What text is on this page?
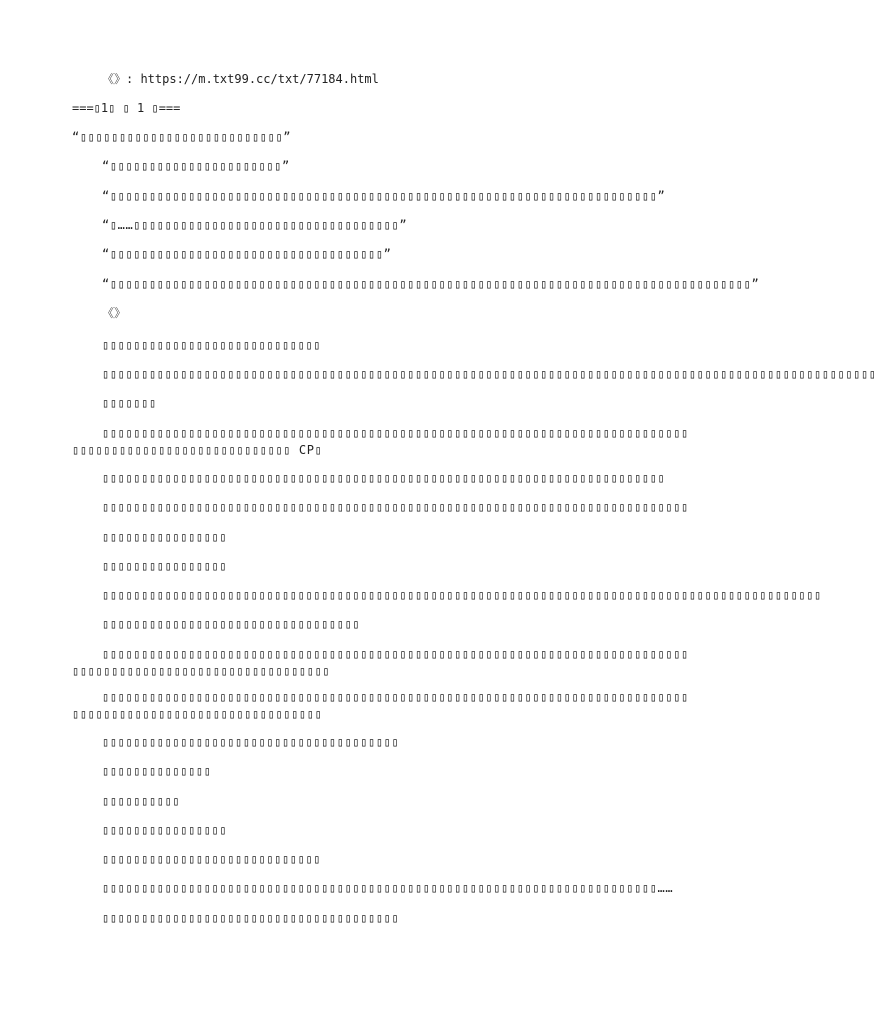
《》: https://m.txt99.cc/txt/77184.html
===▯1▯ ▯ 1 ▯===
“▯▯▯▯▯▯▯▯▯▯▯▯▯▯▯▯▯▯▯▯▯▯▯▯▯▯”
“▯▯▯▯▯▯▯▯▯▯▯▯▯▯▯▯▯▯▯▯▯▯”
“▯▯▯▯▯▯▯▯▯▯▯▯▯▯▯▯▯▯▯▯▯▯▯▯▯▯▯▯▯▯▯▯▯▯▯▯▯▯▯▯▯▯▯▯▯▯▯▯▯▯▯▯▯▯▯▯▯▯▯▯▯▯▯▯▯▯▯▯▯▯”
“▯……▯▯▯▯▯▯▯▯▯▯▯▯▯▯▯▯▯▯▯▯▯▯▯▯▯▯▯▯▯▯▯▯▯▯”
“▯▯▯▯▯▯▯▯▯▯▯▯▯▯▯▯▯▯▯▯▯▯▯▯▯▯▯▯▯▯▯▯▯▯▯”
“▯▯▯▯▯▯▯▯▯▯▯▯▯▯▯▯▯▯▯▯▯▯▯▯▯▯▯▯▯▯▯▯▯▯▯▯▯▯▯▯▯▯▯▯▯▯▯▯▯▯▯▯▯▯▯▯▯▯▯▯▯▯▯▯▯▯▯▯▯▯▯▯▯▯▯▯▯▯▯▯▯▯”
《》
▯▯▯▯▯▯▯▯▯▯▯▯▯▯▯▯▯▯▯▯▯▯▯▯▯▯▯▯
▯▯▯▯▯▯▯▯▯▯▯▯▯▯▯▯▯▯▯▯▯▯▯▯▯▯▯▯▯▯▯▯▯▯▯▯▯▯▯▯▯▯▯▯▯▯▯▯▯▯▯▯▯▯▯▯▯▯▯▯▯▯▯▯▯▯▯▯▯▯▯▯▯▯▯▯▯▯▯▯▯▯▯▯▯▯▯▯▯▯▯▯▯▯▯▯▯▯▯
▯▯▯▯▯▯▯
▯▯▯▯▯▯▯▯▯▯▯▯▯▯▯▯▯▯▯▯▯▯▯▯▯▯▯▯▯▯▯▯▯▯▯▯▯▯▯▯▯▯▯▯▯▯▯▯▯▯▯▯▯▯▯▯▯▯▯▯▯▯▯▯▯▯▯▯▯▯▯▯▯▯▯▯▯▯▯▯▯▯▯▯▯▯▯▯▯▯▯▯▯▯▯▯▯▯▯▯▯▯▯ CP▯
▯▯▯▯▯▯▯▯▯▯▯▯▯▯▯▯▯▯▯▯▯▯▯▯▯▯▯▯▯▯▯▯▯▯▯▯▯▯▯▯▯▯▯▯▯▯▯▯▯▯▯▯▯▯▯▯▯▯▯▯▯▯▯▯▯▯▯▯▯▯▯▯
▯▯▯▯▯▯▯▯▯▯▯▯▯▯▯▯▯▯▯▯▯▯▯▯▯▯▯▯▯▯▯▯▯▯▯▯▯▯▯▯▯▯▯▯▯▯▯▯▯▯▯▯▯▯▯▯▯▯▯▯▯▯▯▯▯▯▯▯▯▯▯▯▯▯▯
▯▯▯▯▯▯▯▯▯▯▯▯▯▯▯▯
▯▯▯▯▯▯▯▯▯▯▯▯▯▯▯▯
▯▯▯▯▯▯▯▯▯▯▯▯▯▯▯▯▯▯▯▯▯▯▯▯▯▯▯▯▯▯▯▯▯▯▯▯▯▯▯▯▯▯▯▯▯▯▯▯▯▯▯▯▯▯▯▯▯▯▯▯▯▯▯▯▯▯▯▯▯▯▯▯▯▯▯▯▯▯▯▯▯▯▯▯▯▯▯▯▯▯▯▯
▯▯▯▯▯▯▯▯▯▯▯▯▯▯▯▯▯▯▯▯▯▯▯▯▯▯▯▯▯▯▯▯▯
▯▯▯▯▯▯▯▯▯▯▯▯▯▯▯▯▯▯▯▯▯▯▯▯▯▯▯▯▯▯▯▯▯▯▯▯▯▯▯▯▯▯▯▯▯▯▯▯▯▯▯▯▯▯▯▯▯▯▯▯▯▯▯▯▯▯▯▯▯▯▯▯▯▯▯▯▯▯▯▯▯▯▯▯▯▯▯▯▯▯▯▯▯▯▯▯▯▯▯▯▯▯▯▯▯▯▯▯
▯▯▯▯▯▯▯▯▯▯▯▯▯▯▯▯▯▯▯▯▯▯▯▯▯▯▯▯▯▯▯▯▯▯▯▯▯▯▯▯▯▯▯▯▯▯▯▯▯▯▯▯▯▯▯▯▯▯▯▯▯▯▯▯▯▯▯▯▯▯▯▯▯▯▯▯▯▯▯▯▯▯▯▯▯▯▯▯▯▯▯▯▯▯▯▯▯▯▯▯▯▯▯▯▯▯▯
▯▯▯▯▯▯▯▯▯▯▯▯▯▯▯▯▯▯▯▯▯▯▯▯▯▯▯▯▯▯▯▯▯▯▯▯▯▯
▯▯▯▯▯▯▯▯▯▯▯▯▯▯
▯▯▯▯▯▯▯▯▯▯
▯▯▯▯▯▯▯▯▯▯▯▯▯▯▯▯
▯▯▯▯▯▯▯▯▯▯▯▯▯▯▯▯▯▯▯▯▯▯▯▯▯▯▯▯
▯▯▯▯▯▯▯▯▯▯▯▯▯▯▯▯▯▯▯▯▯▯▯▯▯▯▯▯▯▯▯▯▯▯▯▯▯▯▯▯▯▯▯▯▯▯▯▯▯▯▯▯▯▯▯▯▯▯▯▯▯▯▯▯▯▯▯▯▯▯▯……
▯▯▯▯▯▯▯▯▯▯▯▯▯▯▯▯▯▯▯▯▯▯▯▯▯▯▯▯▯▯▯▯▯▯▯▯▯▯
